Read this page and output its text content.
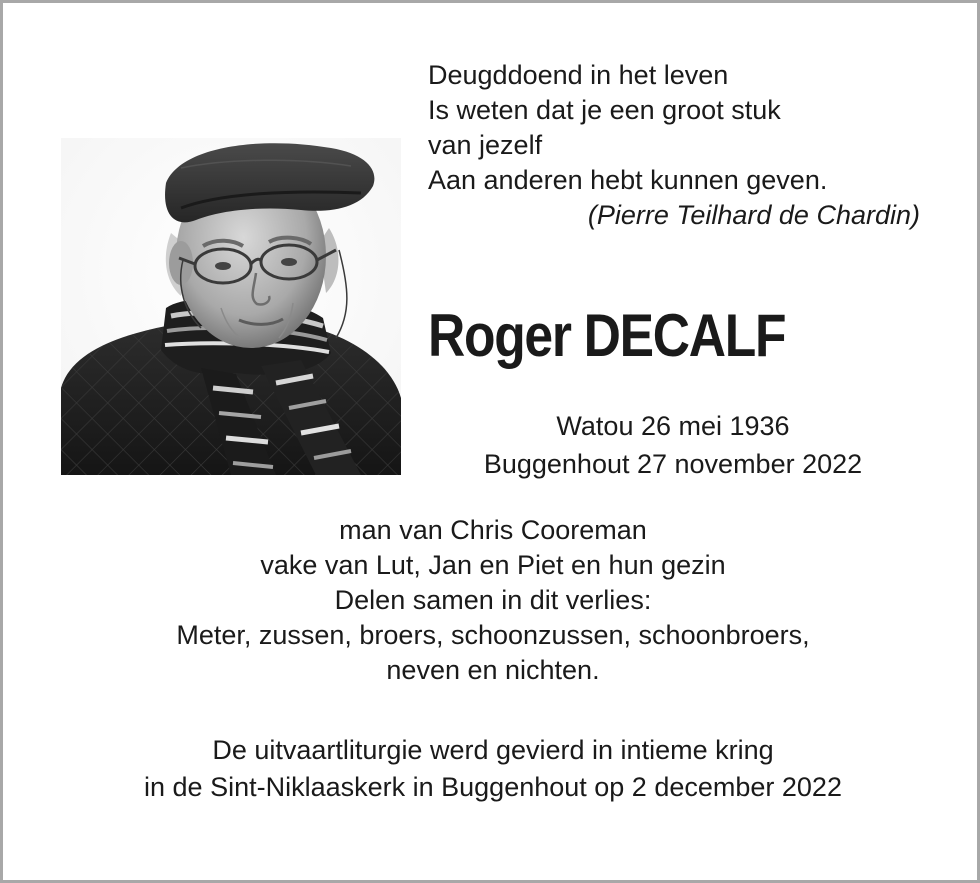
Deugddoend in het leven
Is weten dat je een groot stuk
van jezelf
Aan anderen hebt kunnen geven.
(Pierre Teilhard de Chardin)
Roger DECALF
Watou 26 mei 1936
Buggenhout 27 november 2022
man van Chris Cooreman
vake van Lut, Jan en Piet en hun gezin
Delen samen in dit verlies:
Meter, zussen, broers, schoonzussen, schoonbroers,
neven en nichten.
De uitvaartliturgie werd gevierd in intieme kring
in de Sint-Niklaaskerk in Buggenhout op 2 december 2022
